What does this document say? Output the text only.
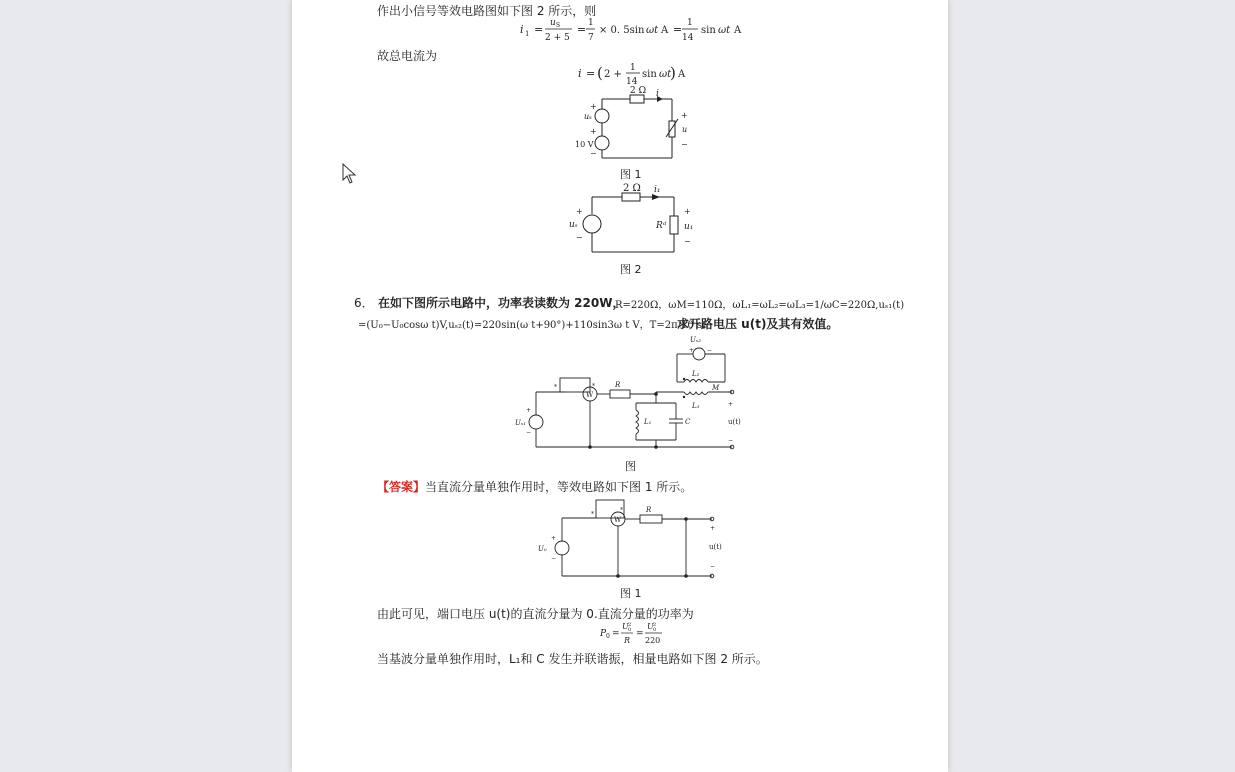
作出小信号等效电路图如下图 2 所示，则
i 1 = u S
2 + 5
= 1
7
× 0. 5sin ωt A = 1
14
sin ωt A
故总电流为
i = ( 2 +
1
14
sin ωt
) A
2 Ω i
uₛ
+
+
10 V
−
+
u
−
图 1
2 Ω i₁
+
uₛ
−
Rᵈ
+
u₁
−
图 2
6． 在如下图所示电路中，功率表读数为 220W，
R=220Ω，ωM=110Ω，ωL₁=ωL₂=ωL₃=1/ωC=220Ω,uₛ₁(t)
=(U₀−U₀cosω t)V,uₛ₂(t)=220sin(ω t+90°)+110sin3ω t V，T=2π/10 s。
求开路电压 u(t)及其有效值。
Uₛ₂
+ −
L₂
M
L₃
W
*	*	R
L₁	C
+
Uₛ₁
−
+
u(t)
−
图
【答案】当直流分量单独作用时，等效电路如下图 1 所示。
W
*
*	R
+
U₀
−
+
u(t)
−
图 1
由此可见，端口电压 u(t)的直流分量为 0.直流分量的功率为
P 0 =
U 2
0
R
=
U 2
0
220
当基波分量单独作用时，L₁和 C 发生并联谐振，相量电路如下图 2 所示。
